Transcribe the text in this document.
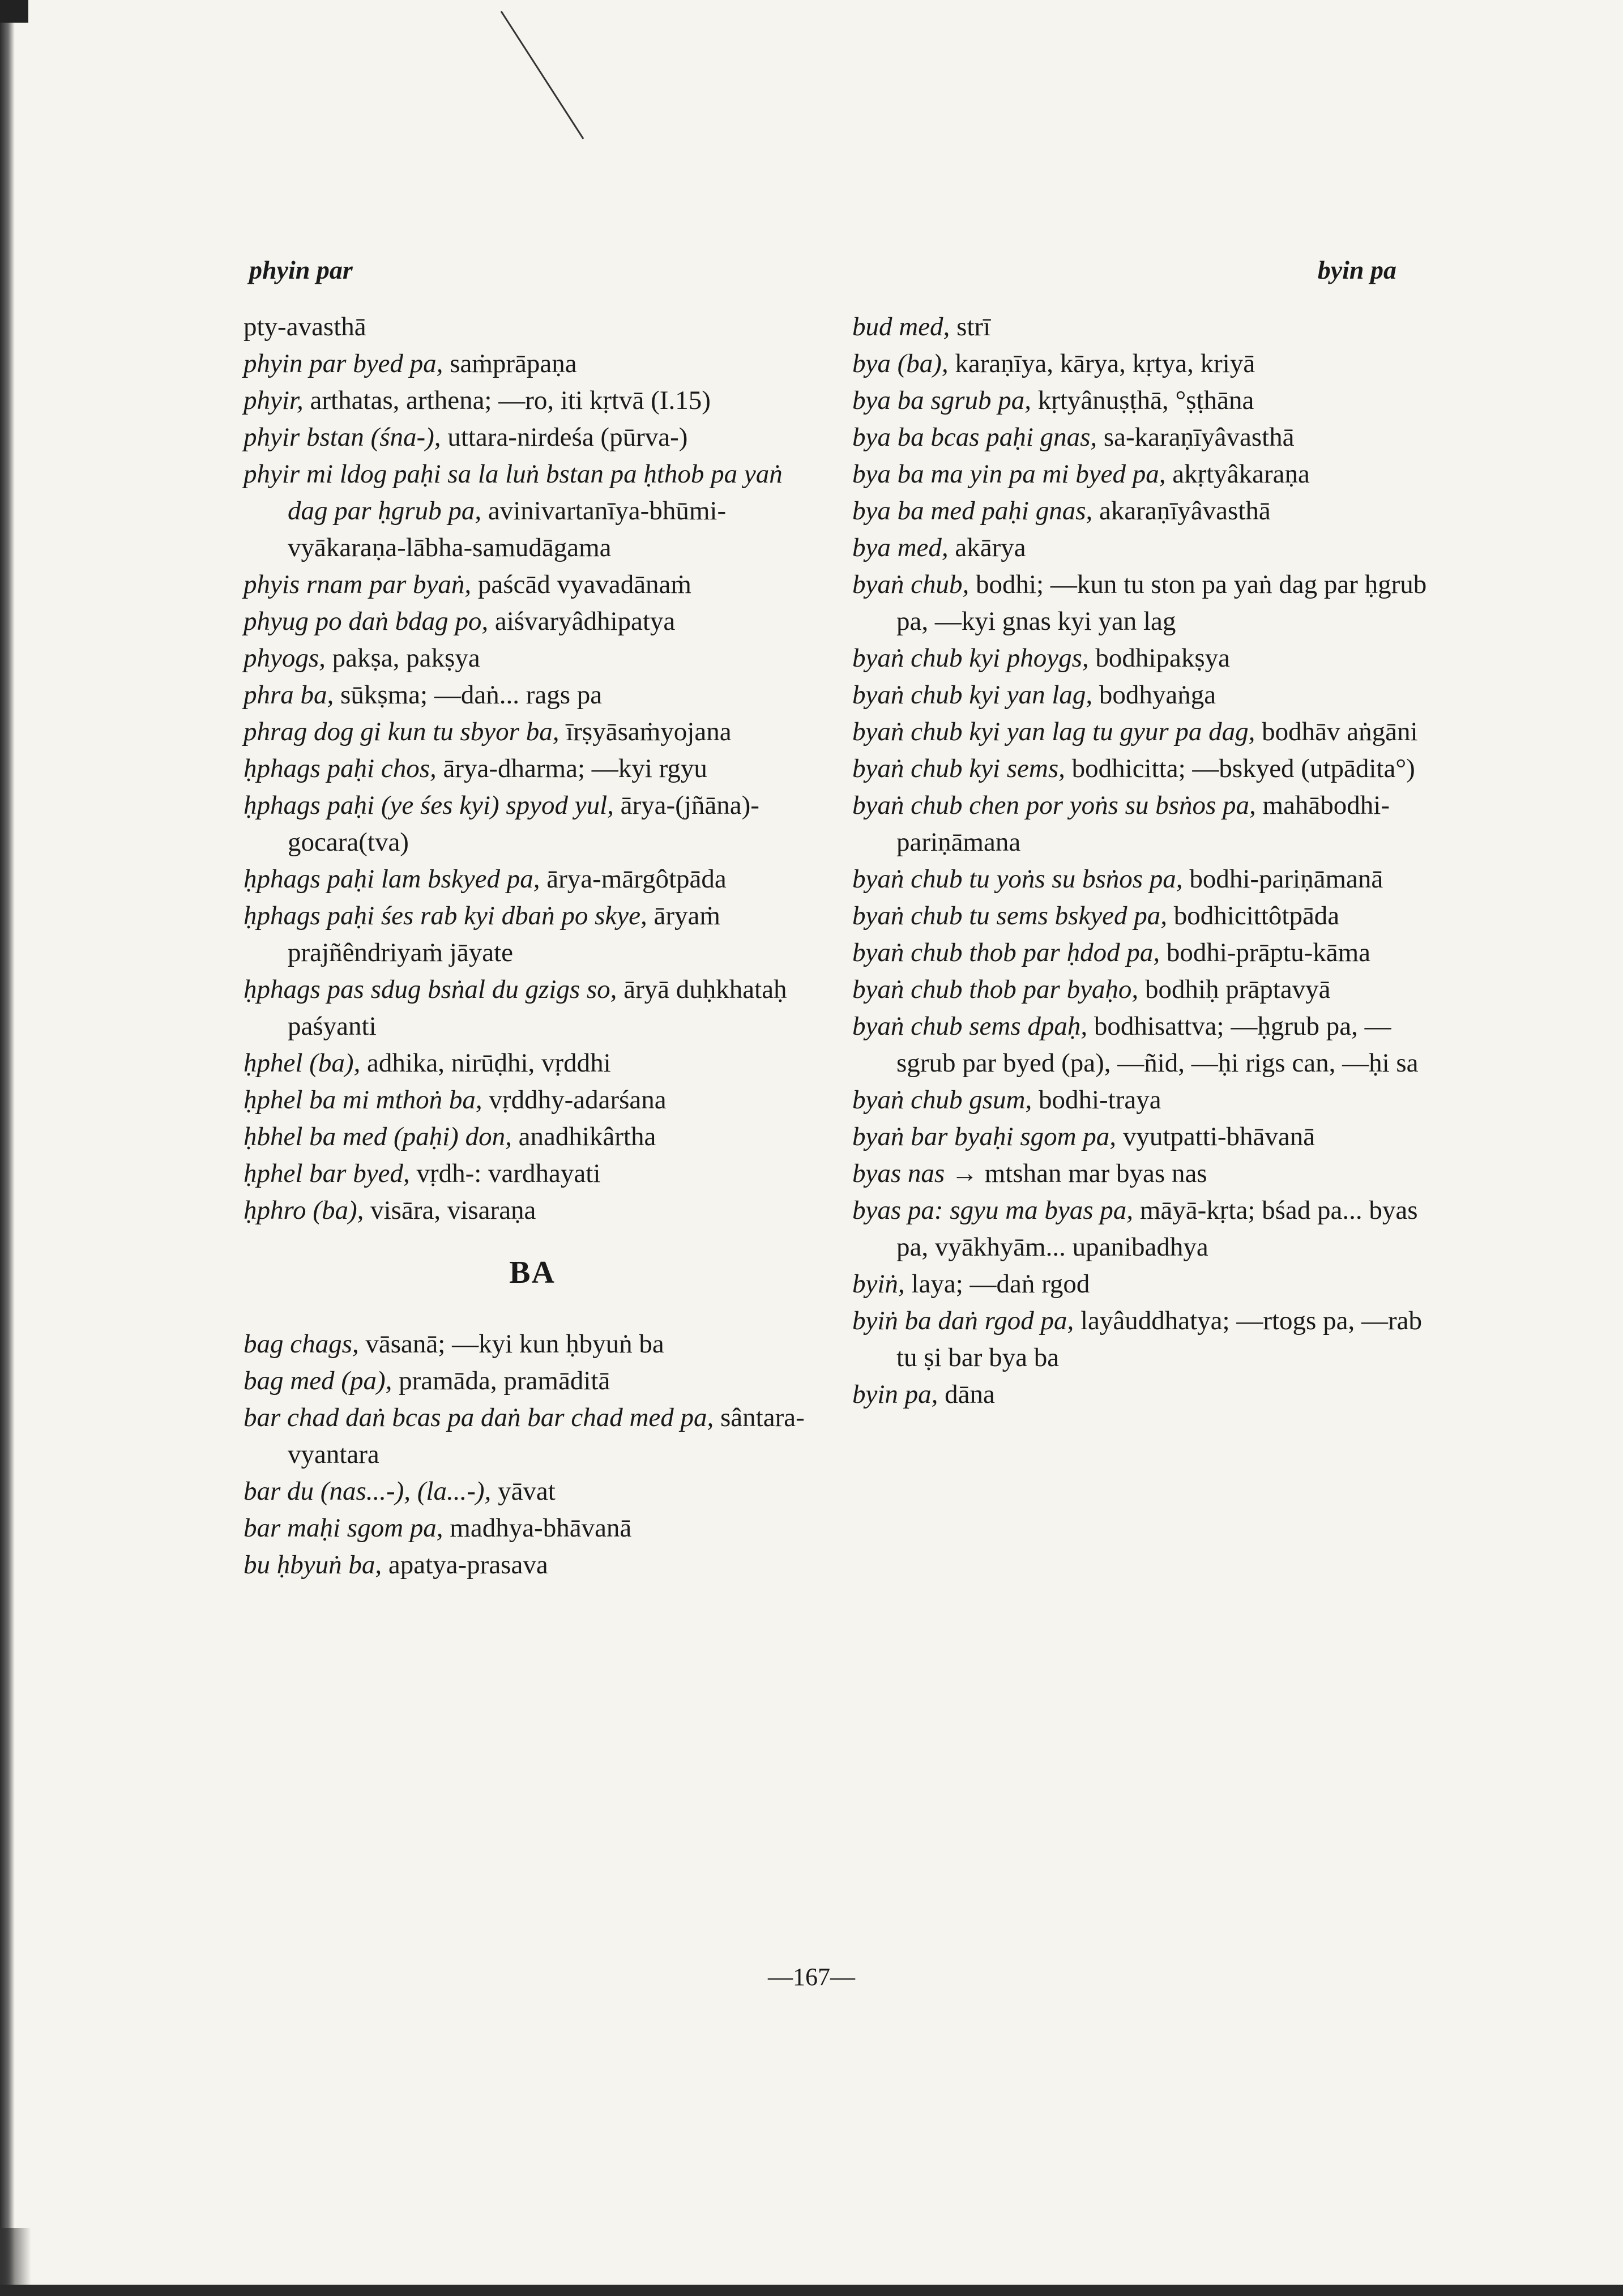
phyin par	byin pa
pty-avasthā
phyin par byed pa, saṁprāpaṇa
phyir, arthatas, arthena; —ro, iti kṛtvā (I.15)
phyir bstan (śna-), uttara-nirdeśa (pūrva-)
phyir mi ldog paḥi sa la luṅ bstan pa ḥthob pa yaṅ dag par ḥgrub pa, avinivartanīya-bhūmi-vyākaraṇa-lābha-samudāgama
phyis rnam par byaṅ, paścād vyavadānaṁ
phyug po daṅ bdag po, aiśvaryâdhipatya
phyogs, pakṣa, pakṣya
phra ba, sūkṣma; —daṅ... rags pa
phrag dog gi kun tu sbyor ba, īrṣyāsaṁyojana
ḥphags paḥi chos, ārya-dharma; —kyi rgyu
ḥphags paḥi (ye śes kyi) spyod yul, ārya-(jñāna)-gocara(tva)
ḥphags paḥi lam bskyed pa, ārya-mārgôtpāda
ḥphags paḥi śes rab kyi dbaṅ po skye, āryaṁ prajñêndriyaṁ jāyate
ḥphags pas sdug bsṅal du gzigs so, āryā duḥkhataḥ paśyanti
ḥphel (ba), adhika, nirūḍhi, vṛddhi
ḥphel ba mi mthoṅ ba, vṛddhy-adarśana
ḥbhel ba med (paḥi) don, anadhikârtha
ḥphel bar byed, vṛdh-: vardhayati
ḥphro (ba), visāra, visaraṇa
BA
bag chags, vāsanā; —kyi kun ḥbyuṅ ba
bag med (pa), pramāda, pramāditā
bar chad daṅ bcas pa daṅ bar chad med pa, sântara-vyantara
bar du (nas...-), (la...-), yāvat
bar maḥi sgom pa, madhya-bhāvanā
bu ḥbyuṅ ba, apatya-prasava
bud med, strī
bya (ba), karaṇīya, kārya, kṛtya, kriyā
bya ba sgrub pa, kṛtyânuṣṭhā, °ṣṭhāna
bya ba bcas paḥi gnas, sa-karaṇīyâvasthā
bya ba ma yin pa mi byed pa, akṛtyâkaraṇa
bya ba med paḥi gnas, akaraṇīyâvasthā
bya med, akārya
byaṅ chub, bodhi; —kun tu ston pa yaṅ dag par ḥgrub pa, —kyi gnas kyi yan lag
byaṅ chub kyi phoygs, bodhipakṣya
byaṅ chub kyi yan lag, bodhyaṅga
byaṅ chub kyi yan lag tu gyur pa dag, bodhāv aṅgāni
byaṅ chub kyi sems, bodhicitta; —bskyed (utpādita°)
byaṅ chub chen por yoṅs su bsṅos pa, mahābodhi-pariṇāmana
byaṅ chub tu yoṅs su bsṅos pa, bodhi-pariṇāmanā
byaṅ chub tu sems bskyed pa, bodhicittôtpāda
byaṅ chub thob par ḥdod pa, bodhi-prāptu-kāma
byaṅ chub thob par byaḥo, bodhiḥ prāptavyā
byaṅ chub sems dpaḥ, bodhisattva; —ḥgrub pa, —sgrub par byed (pa), —ñid, —ḥi rigs can, —ḥi sa
byaṅ chub gsum, bodhi-traya
byaṅ bar byaḥi sgom pa, vyutpatti-bhāvanā
byas nas → mtshan mar byas nas
byas pa: sgyu ma byas pa, māyā-kṛta; bśad pa... byas pa, vyākhyām... upanibadhya
byiṅ, laya; —daṅ rgod
byiṅ ba daṅ rgod pa, layâuddhatya; —rtogs pa, —rab tu ṣi bar bya ba
byin pa, dāna
—167—
